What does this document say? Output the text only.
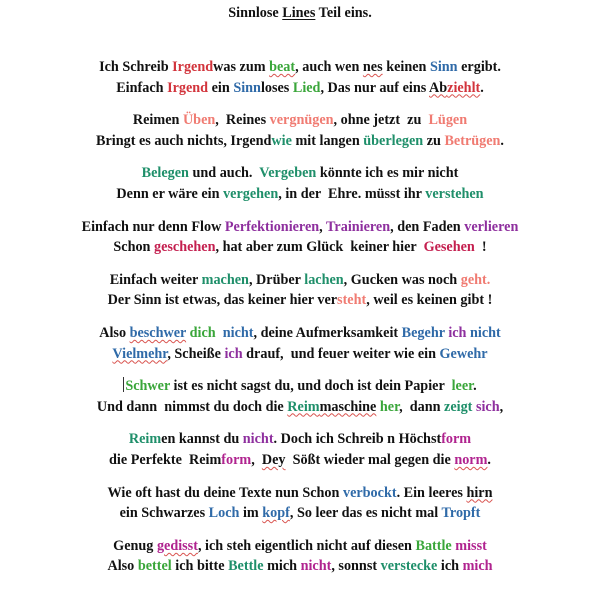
Sinnlose Lines Teil eins.
Ich Schreib Irgendwas zum beat, auch wen nes keinen Sinn ergibt.
Einfach Irgend ein Sinnloses Lied, Das nur auf eins Abziehlt.
Reimen Üben,  Reines vergnügen, ohne jetzt  zu  Lügen
Bringt es auch nichts, Irgendwie mit langen überlegen zu Betrügen.
Belegen und auch.  Vergeben könnte ich es mir nicht
Denn er wäre ein vergehen, in der  Ehre. müsst ihr verstehen
Einfach nur denn Flow Perfektionieren, Trainieren, den Faden verlieren
Schon geschehen, hat aber zum Glück  keiner hier  Gesehen  !
Einfach weiter machen, Drüber lachen, Gucken was noch geht.
Der Sinn ist etwas, das keiner hier versteht, weil es keinen gibt !
Also beschwer dich nicht, deine Aufmerksamkeit Begehr ich nicht
Vielmehr, Scheiße ich drauf,  und feuer weiter wie ein Gewehr
Schwer ist es nicht sagst du, und doch ist dein Papier  leer.
Und dann  nimmst du doch die Reimmaschine her,  dann zeigt sich,
Reimen kannst du nicht. Doch ich Schreib n Höchstform
die Perfekte  Reimform,  Dey  Sößt wieder mal gegen die norm.
Wie oft hast du deine Texte nun Schon verbockt. Ein leeres hirn
ein Schwarzes Loch im kopf, So leer das es nicht mal Tropft
Genug gedisst, ich steh eigentlich nicht auf diesen Battle misst
Also bettel ich bitte Bettle mich nicht, sonnst verstecke ich mich
